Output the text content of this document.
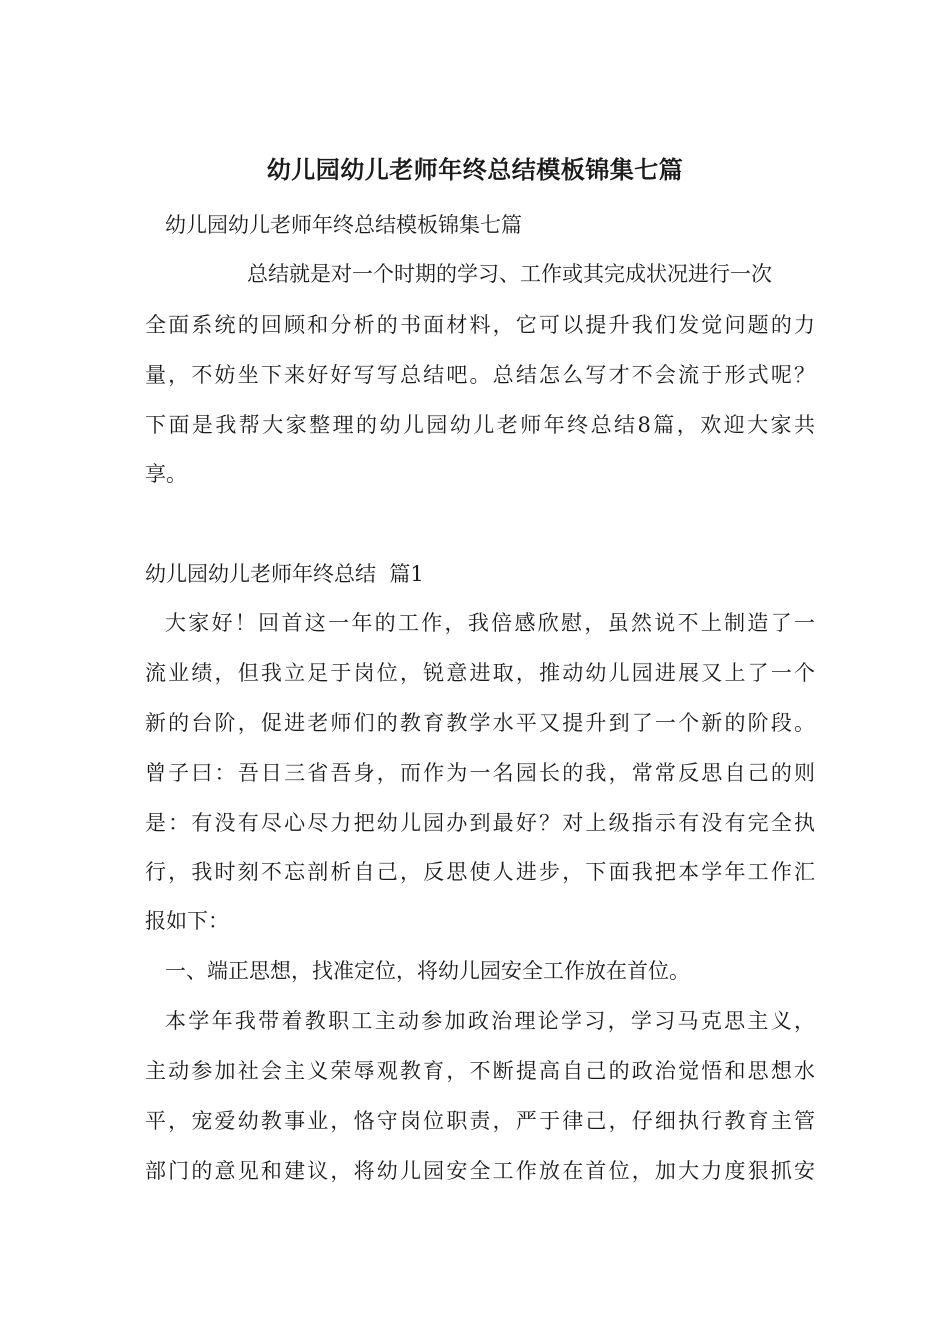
幼儿园幼儿老师年终总结模板锦集七篇
幼儿园幼儿老师年终总结模板锦集七篇
总结就是对一个时期的学习、工作或其完成状况进行一次
全面系统的回顾和分析的书面材料，它可以提升我们发觉问题的力
量，不妨坐下来好好写写总结吧。总结怎么写才不会流于形式呢？
下面是我帮大家整理的幼儿园幼儿老师年终总结8篇，欢迎大家共
享。
幼儿园幼儿老师年终总结  篇1
大家好！回首这一年的工作，我倍感欣慰，虽然说不上制造了一
流业绩，但我立足于岗位，锐意进取，推动幼儿园进展又上了一个
新的台阶，促进老师们的教育教学水平又提升到了一个新的阶段。
曾子曰：吾日三省吾身，而作为一名园长的我，常常反思自己的则
是：有没有尽心尽力把幼儿园办到最好？对上级指示有没有完全执
行，我时刻不忘剖析自己，反思使人进步，下面我把本学年工作汇
报如下：
一、端正思想，找准定位，将幼儿园安全工作放在首位。
本学年我带着教职工主动参加政治理论学习，学习马克思主义，
主动参加社会主义荣辱观教育，不断提高自己的政治觉悟和思想水
平，宠爱幼教事业，恪守岗位职责，严于律己，仔细执行教育主管
部门的意见和建议，将幼儿园安全工作放在首位，加大力度狠抓安
